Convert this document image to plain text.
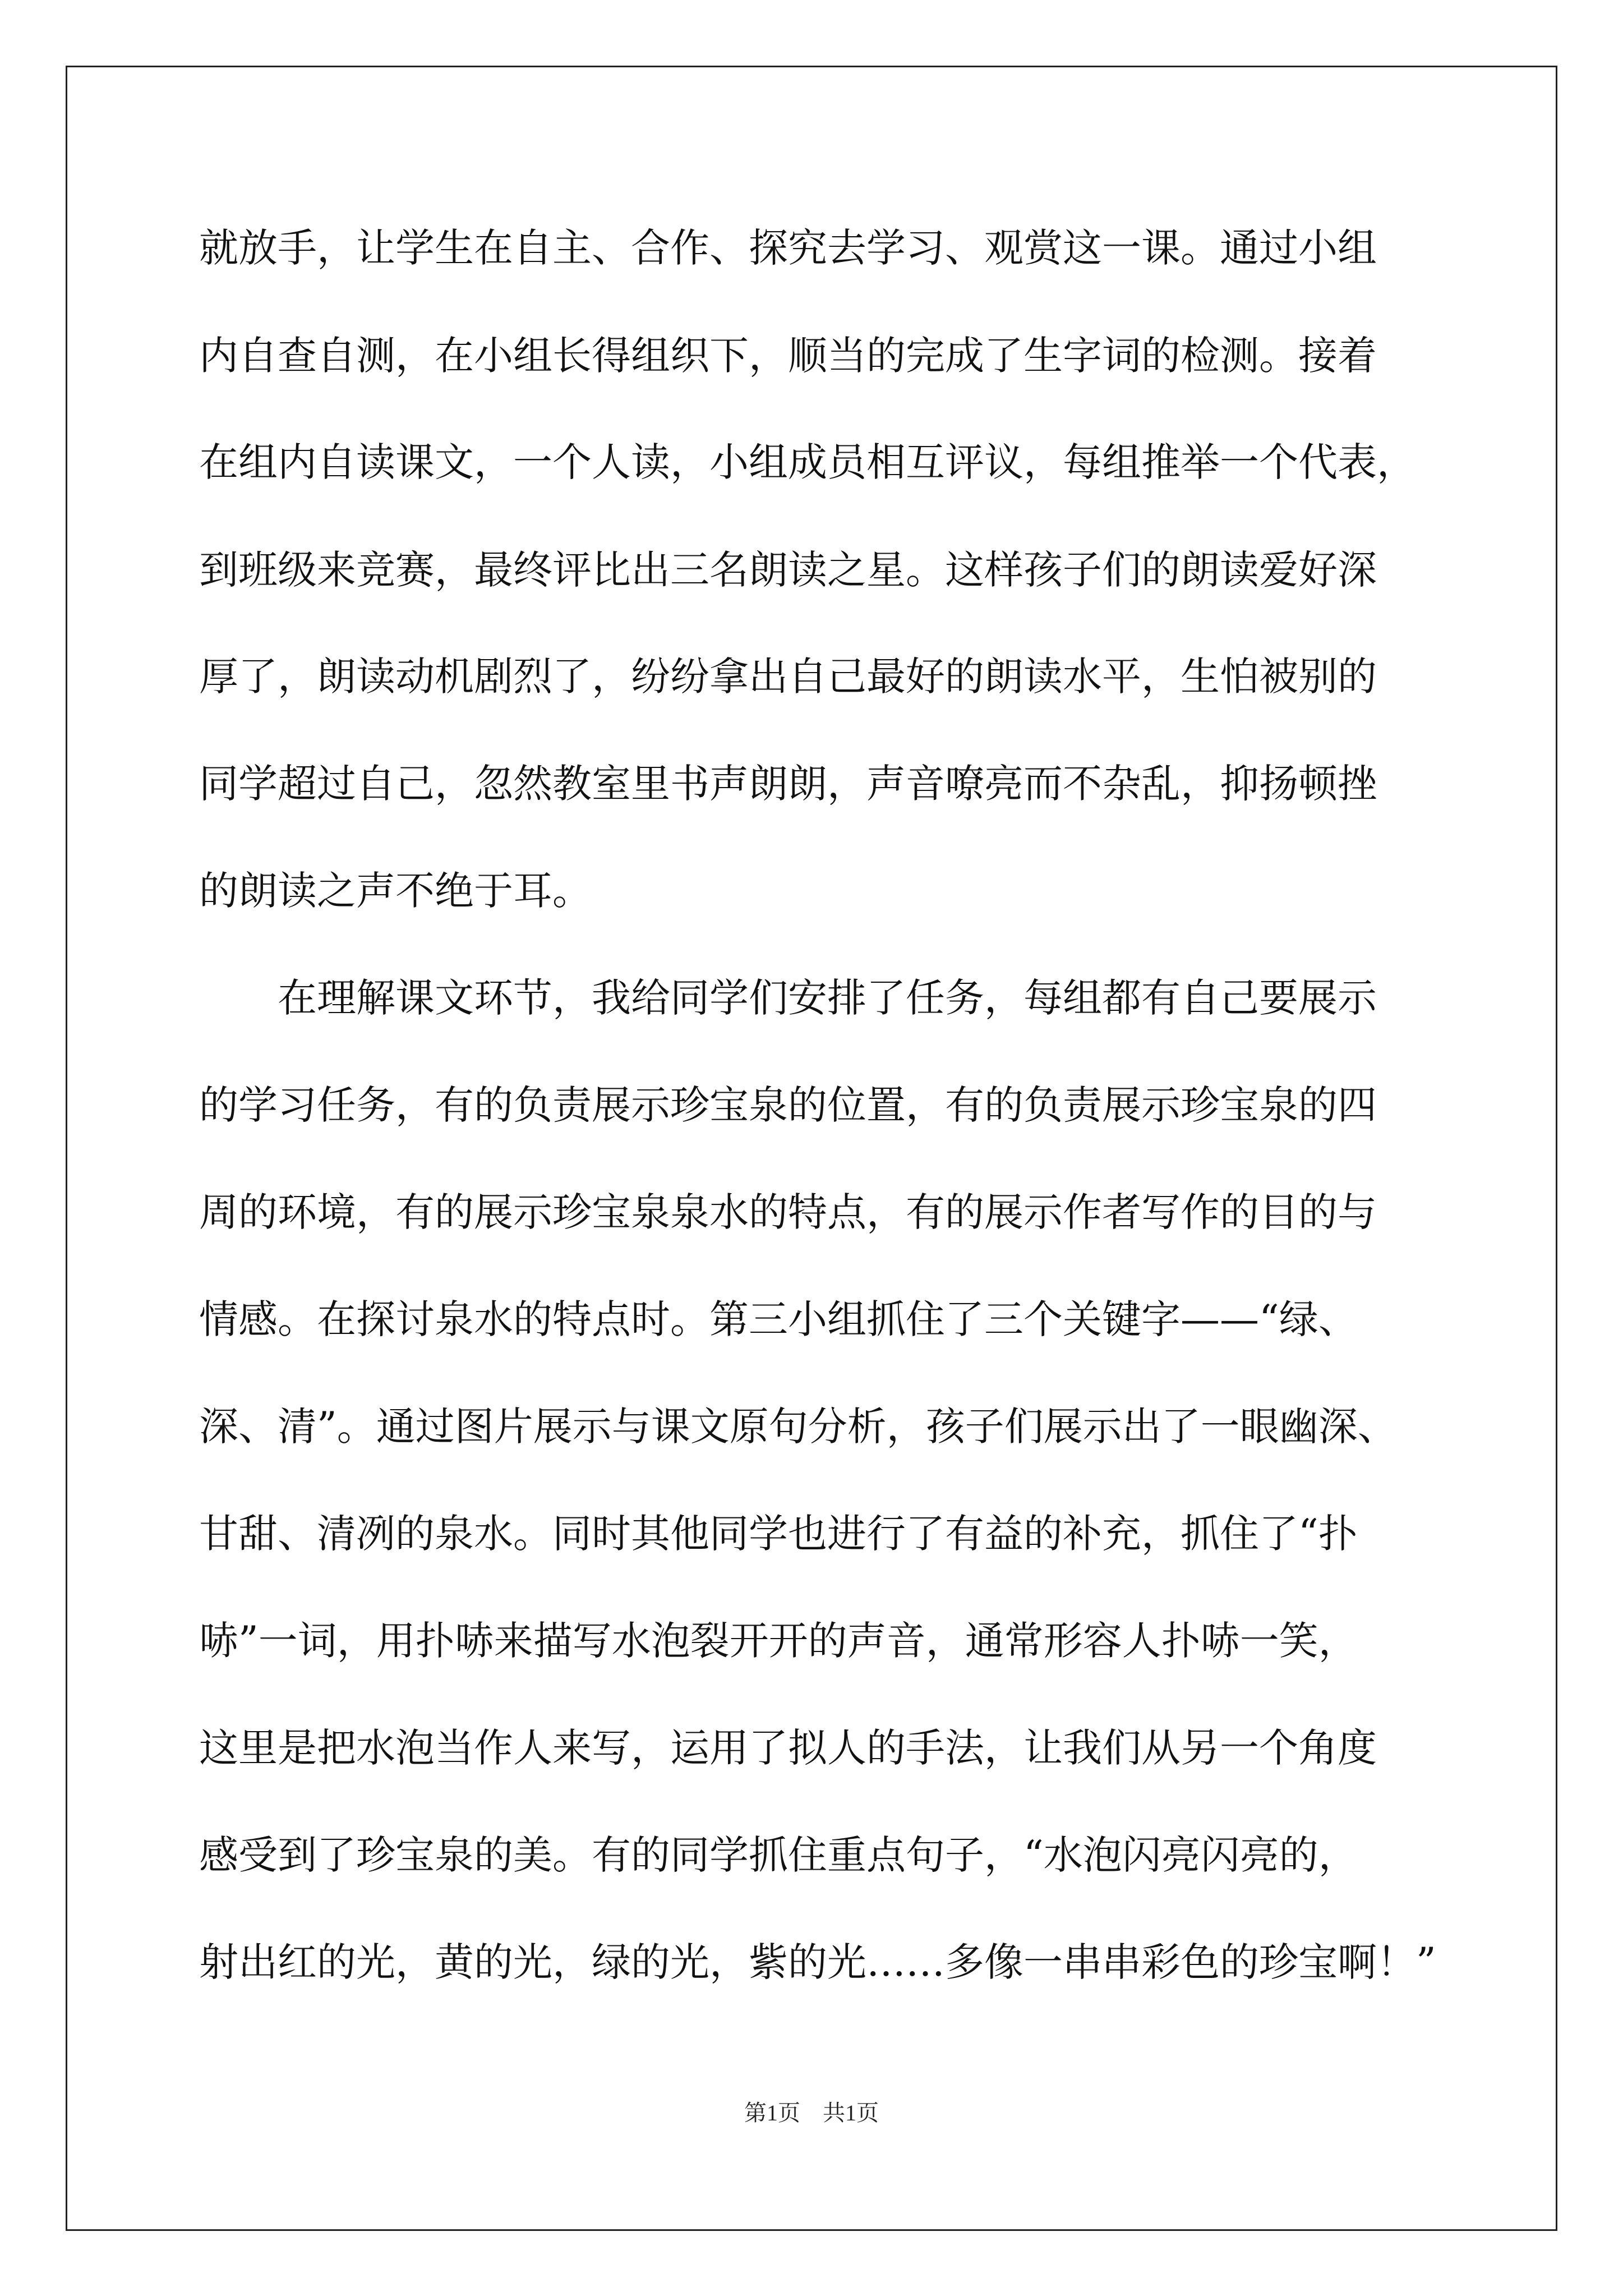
就放手，让学生在自主、合作、探究去学习、观赏这一课。通过小组
内自查自测，在小组长得组织下，顺当的完成了生字词的检测。接着
在组内自读课文，一个人读，小组成员相互评议，每组推举一个代表，
到班级来竞赛，最终评比出三名朗读之星。这样孩子们的朗读爱好深
厚了，朗读动机剧烈了，纷纷拿出自己最好的朗读水平，生怕被别的
同学超过自己，忽然教室里书声朗朗，声音嘹亮而不杂乱，抑扬顿挫
的朗读之声不绝于耳。
　　在理解课文环节，我给同学们安排了任务，每组都有自己要展示
的学习任务，有的负责展示珍宝泉的位置，有的负责展示珍宝泉的四
周的环境，有的展示珍宝泉泉水的特点，有的展示作者写作的目的与
情感。在探讨泉水的特点时。第三小组抓住了三个关键字——“绿、
深、清”。通过图片展示与课文原句分析，孩子们展示出了一眼幽深、
甘甜、清冽的泉水。同时其他同学也进行了有益的补充，抓住了“扑
哧”一词，用扑哧来描写水泡裂开开的声音，通常形容人扑哧一笑，
这里是把水泡当作人来写，运用了拟人的手法，让我们从另一个角度
感受到了珍宝泉的美。有的同学抓住重点句子，“水泡闪亮闪亮的，
射出红的光，黄的光，绿的光，紫的光……多像一串串彩色的珍宝啊！”
第1页　共1页
